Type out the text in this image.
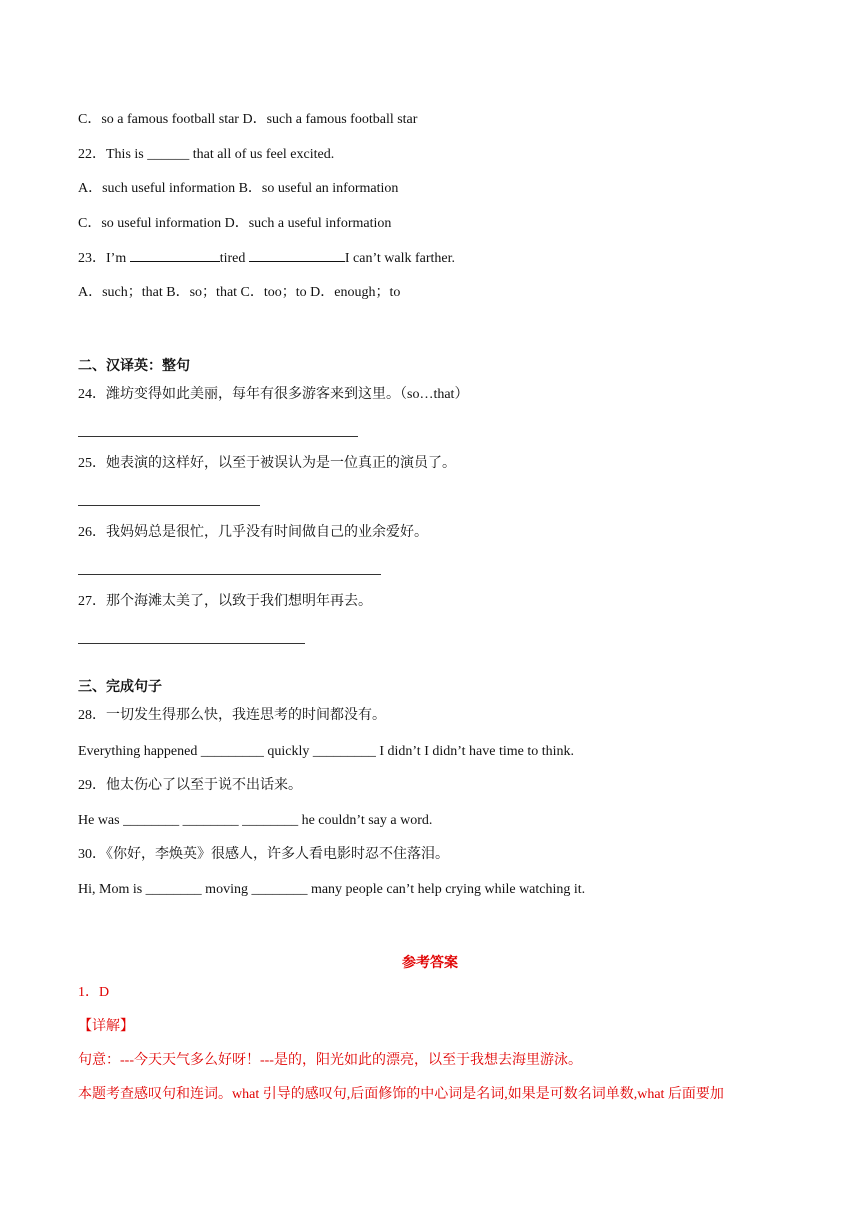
C．so a famous football star D．such a famous football star
22．This is ______ that all of us feel excited.
A．such useful information B．so useful an information
C．so useful information D．such a useful information
23．I’m	tired	I can’t walk farther.
A．such；that B．so；that C．too；to D．enough；to
二、汉译英：整句
24．潍坊变得如此美丽，每年有很多游客来到这里。（so…that）
25．她表演的这样好，以至于被误认为是一位真正的演员了。
26．我妈妈总是很忙，几乎没有时间做自己的业余爱好。
27．那个海滩太美了，以致于我们想明年再去。
三、完成句子
28．一切发生得那么快，我连思考的时间都没有。
Everything happened _________ quickly _________ I didn’t I didn’t have time to think.
29．他太伤心了以至于说不出话来。
He was ________ ________ ________ he couldn’t say a word.
30．《你好，李焕英》很感人，许多人看电影时忍不住落泪。
Hi, Mom is ________ moving ________ many people can’t help crying while watching it.
参考答案
1．D
【详解】
句意：---今天天气多么好呀！---是的，阳光如此的漂亮，以至于我想去海里游泳。
本题考查感叹句和连词。what 引导的感叹句,后面修饰的中心词是名词,如果是可数名词单数,what 后面要加
